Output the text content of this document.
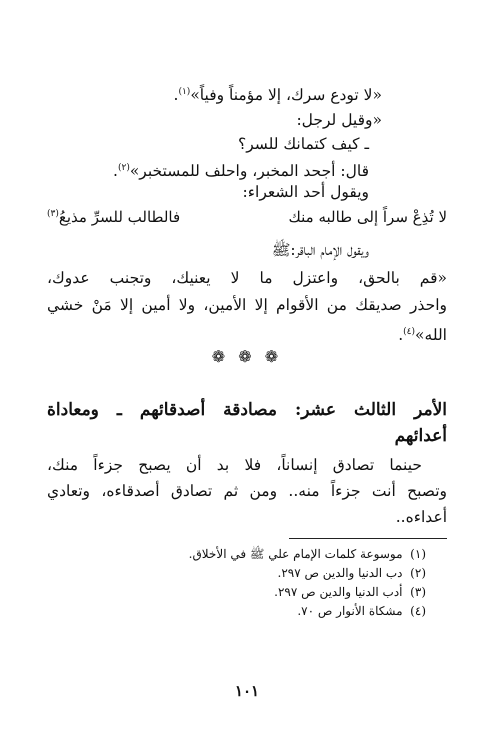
«لا تودع سرك، إلا مؤمناً وفياً»$^{(١)}$.
«وقيل لرجل:
ـ كيف كتمانك للسر؟
قال: أجحد المخبر، واحلف للمستخبر»$^{(٢)}$.
ويقول أحد الشعراء:
لا تُذِعْ سراً إلى طالبه منك
فالطالب للسرِّ مذيعُ$^{(٣)}$
ويقول الإمام الباقر:ﷺ
«قم بالحق، واعتزل ما لا يعنيك، وتجنب عدوك،
واحذر صديقك من الأقوام إلا الأمين، ولا أمين إلا مَنْ خشي
الله»$^{(٤)}$.
❁ ❁ ❁
الأمر الثالث عشر: مصادقة أصدقائهم ـ ومعاداة
أعدائهم
حينما تصادق إنساناً، فلا بد أن يصبح جزءاً منك،
وتصبح أنت جزءاً منه.. ومن ثم تصادق أصدقاءه، وتعادي
أعداءه..
(١)  موسوعة كلمات الإمام علي ﷺ في الأخلاق.
(٢)  دب الدنيا والدين ص ٢٩٧.
(٣)  أدب الدنيا والدين ص ٢٩٧.
(٤)  مشكاة الأنوار ص ٧٠.
١٠١
